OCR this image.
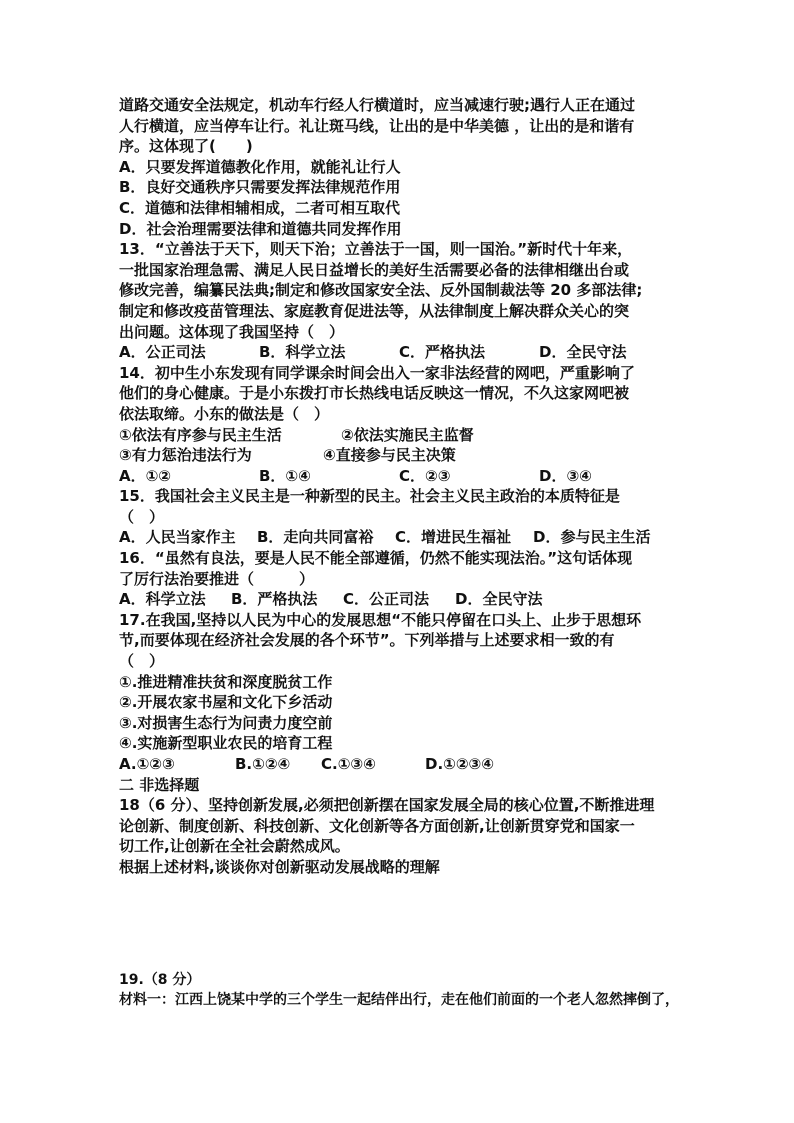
道路交通安全法规定，机动车行经人行横道时，应当减速行驶;遇行人正在通过
人行横道，应当停车让行。礼让斑马线，让出的是中华美德 ，让出的是和谐有
序。这体现了(　　)
A．只要发挥道德教化作用，就能礼让行人
B．良好交通秩序只需要发挥法律规范作用
C．道德和法律相辅相成，二者可相互取代
D．社会治理需要法律和道德共同发挥作用
13．“立善法于天下，则天下治；立善法于一国，则一国治。”新时代十年来，
一批国家治理急需、满足人民日益增长的美好生活需要必备的法律相继出台或
修改完善，编纂民法典;制定和修改国家安全法、反外国制裁法等 20 多部法律;
制定和修改疫苗管理法、家庭教育促进法等，从法律制度上解决群众关心的突
出问题。这体现了我国坚持（　）
A．公正司法	B．科学立法	C．严格执法	D．全民守法
14．初中生小东发现有同学课余时间会出入一家非法经营的网吧，严重影响了
他们的身心健康。于是小东拨打市长热线电话反映这一情况，不久这家网吧被
依法取缔。小东的做法是（　）
①依法有序参与民主生活	②依法实施民主监督
③有力惩治违法行为	④直接参与民主决策
A．①②	B．①④	C．②③	D．③④
15．我国社会主义民主是一种新型的民主。社会主义民主政治的本质特征是
（　）
A．人民当家作主	B．走向共同富裕	C．增进民生福祉	D．参与民主生活
16．“虽然有良法，要是人民不能全部遵循，仍然不能实现法治。”这句话体现
了厉行法治要推进（　　　）
A．科学立法	B．严格执法	C．公正司法	D．全民守法
17.在我国,坚持以人民为中心的发展思想“不能只停留在口头上、止步于思想环
节,而要体现在经济社会发展的各个环节”。下列举措与上述要求相一致的有
（　）
①.推进精准扶贫和深度脱贫工作
②.开展农家书屋和文化下乡活动
③.对损害生态行为问责力度空前
④.实施新型职业农民的培育工程
A.①②③	B.①②④	C.①③④	D.①②③④
二 非选择题
18（6 分）、坚持创新发展,必须把创新摆在国家发展全局的核心位置,不断推进理
论创新、制度创新、科技创新、文化创新等各方面创新,让创新贯穿党和国家一
切工作,让创新在全社会蔚然成风。
根据上述材料,谈谈你对创新驱动发展战略的理解
19.（8 分）
材料一：江西上饶某中学的三个学生一起结伴出行，走在他们前面的一个老人忽然摔倒了，
